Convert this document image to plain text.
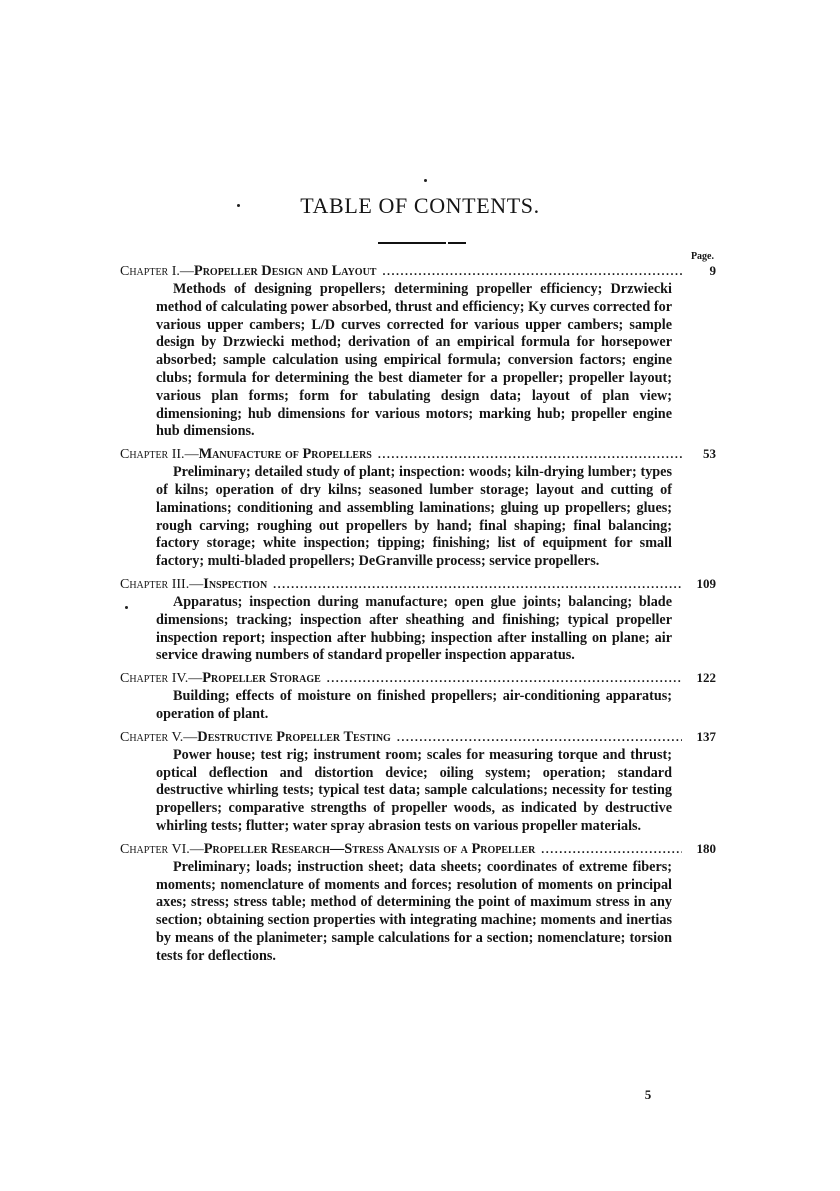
TABLE OF CONTENTS.
Page.
Chapter I.—Propeller Design and Layout .....	9

Methods of designing propellers; determining propeller efficiency; Drzwiecki method of calculating power absorbed, thrust and efficiency; Ky curves corrected for various upper cambers; L/D curves corrected for various upper cambers; sample design by Drzwiecki method; derivation of an empirical formula for horsepower absorbed; sample calculation using empirical formula; conversion factors; engine clubs; formula for determining the best diameter for a propeller; propeller layout; various plan forms; form for tabulating design data; layout of plan view; dimensioning; hub dimensions for various motors; marking hub; propeller engine hub dimensions.

Chapter II.—Manufacture of Propellers .....	53

Preliminary; detailed study of plant; inspection: woods; kiln-drying lumber; types of kilns; operation of dry kilns; seasoned lumber storage; layout and cutting of laminations; conditioning and assembling laminations; gluing up propellers; glues; rough carving; roughing out propellers by hand; final shaping; final balancing; factory storage; white inspection; tipping; finishing; list of equipment for small factory; multi-bladed propellers; DeGranville process; service propellers.

Chapter III.—Inspection .....	109

Apparatus; inspection during manufacture; open glue joints; balancing; blade dimensions; tracking; inspection after sheathing and finishing; typical propeller inspection report; inspection after hubbing; inspection after installing on plane; air service drawing numbers of standard propeller inspection apparatus.

Chapter IV.—Propeller Storage .....	122

Building; effects of moisture on finished propellers; air-conditioning apparatus; operation of plant.

Chapter V.—Destructive Propeller Testing .....	137

Power house; test rig; instrument room; scales for measuring torque and thrust; optical deflection and distortion device; oiling system; operation; standard destructive whirling tests; typical test data; sample calculations; necessity for testing propellers; comparative strengths of propeller woods, as indicated by destructive whirling tests; flutter; water spray abrasion tests on various propeller materials.

Chapter VI.—Propeller Research—Stress Analysis of a Propeller .....	180

Preliminary; loads; instruction sheet; data sheets; coordinates of extreme fibers; moments; nomenclature of moments and forces; resolution of moments on principal axes; stress; stress table; method of determining the point of maximum stress in any section; obtaining section properties with integrating machine; moments and inertias by means of the planimeter; sample calculations for a section; nomenclature; torsion tests for deflections.

5
